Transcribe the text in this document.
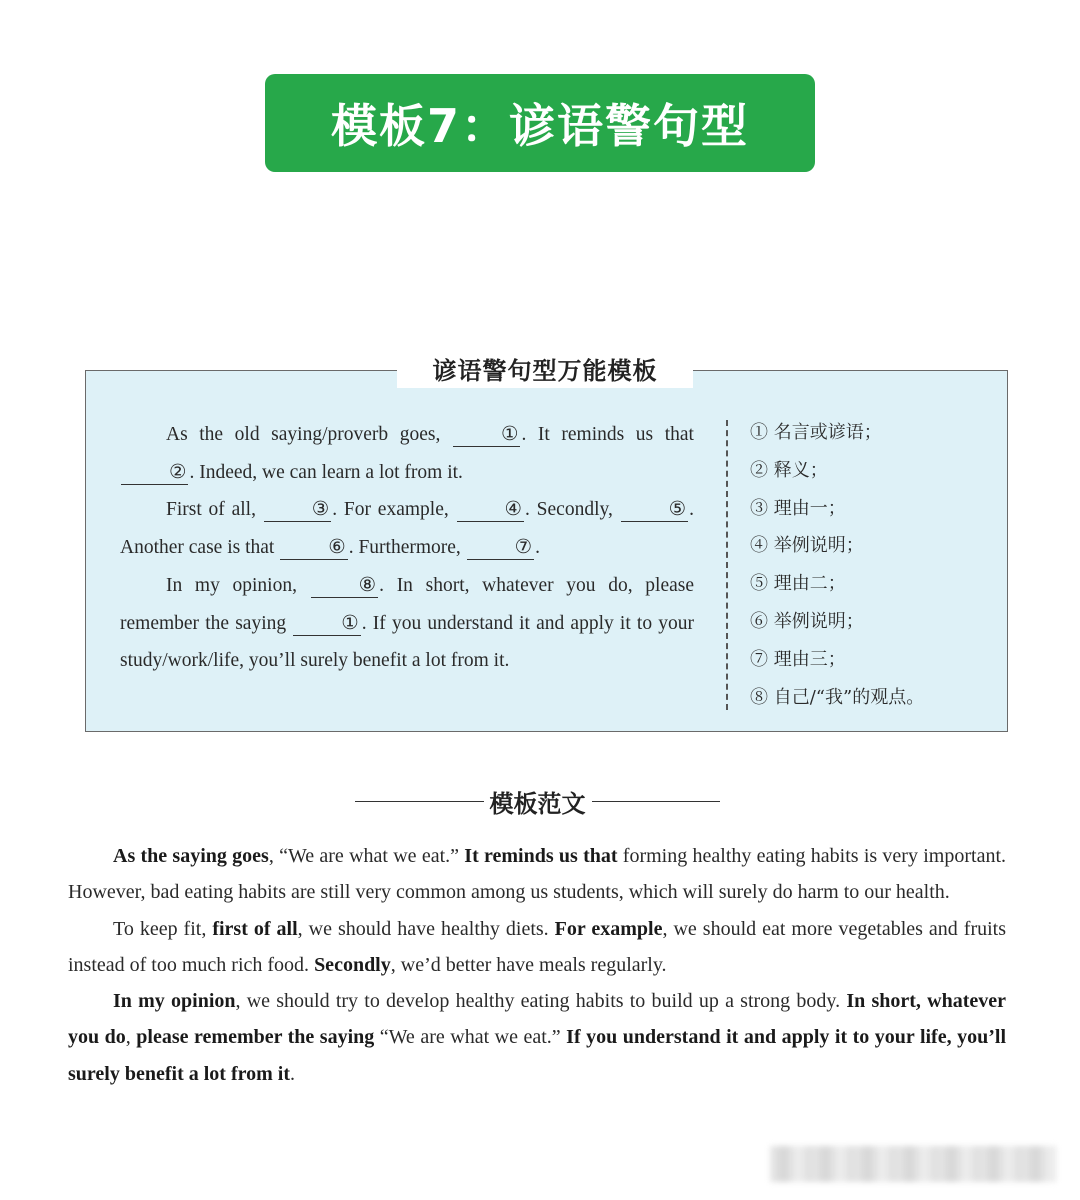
模板7：谚语警句型
谚语警句型万能模板

As the old saying/proverb goes,	① . It reminds us that ② . Indeed, we can learn a lot from it.

First of all,	③ . For example,	④ . Secondly,	⑤ . Another case is that	⑥ . Furthermore,	⑦ .

In my opinion,	⑧ . In short, whatever you do, please remember the saying	① . If you understand it and apply it to your study/work/life, you’ll surely benefit a lot from it.

① 名言或谚语；
② 释义；
③ 理由一；
④ 举例说明；
⑤ 理由二；
⑥ 举例说明；
⑦ 理由三；
⑧ 自己/“我”的观点。
模板范文

As the saying goes, “We are what we eat.” It reminds us that forming healthy eating habits is very important. However, bad eating habits are still very common among us students, which will surely do harm to our health.

To keep fit, first of all, we should have healthy diets. For example, we should eat more vegetables and fruits instead of too much rich food. Secondly, we’d better have meals regularly.

In my opinion, we should try to develop healthy eating habits to build up a strong body. In short, whatever you do, please remember the saying “We are what we eat.” If you understand it and apply it to your life, you’ll surely benefit a lot from it.
